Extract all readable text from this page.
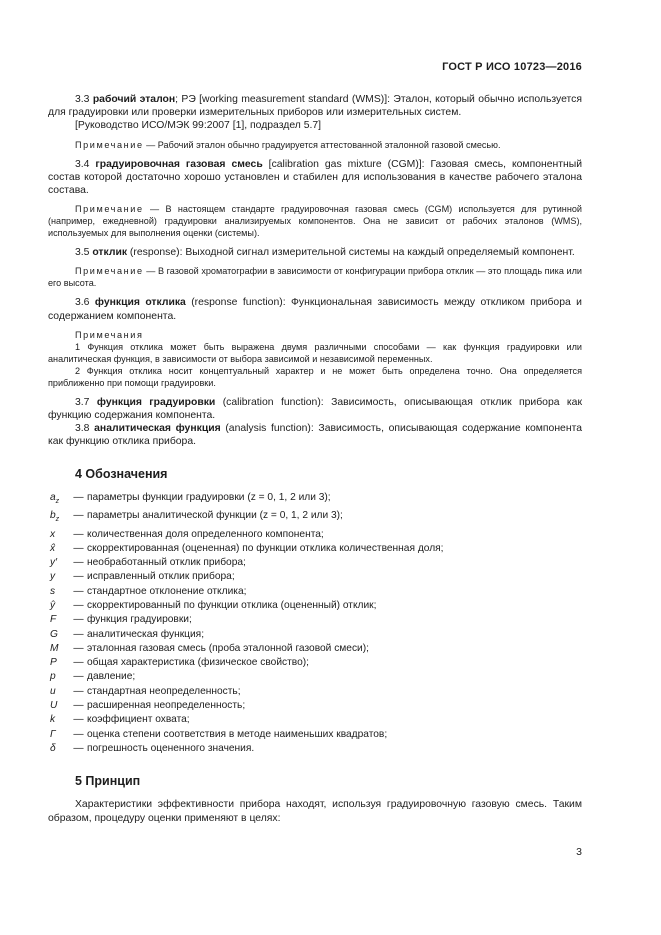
ГОСТ Р ИСО 10723—2016

3.3 рабочий эталон; РЭ [working measurement standard (WMS)]: Эталон, который обычно используется для градуировки или проверки измерительных приборов или измерительных систем.

[Руководство ИСО/МЭК 99:2007 [1], подраздел 5.7]

Примечание — Рабочий эталон обычно градуируется аттестованной эталонной газовой смесью.

3.4 градуировочная газовая смесь [calibration gas mixture (CGM)]: Газовая смесь, компонентный состав которой достаточно хорошо установлен и стабилен для использования в качестве рабочего эталона состава.

Примечание — В настоящем стандарте градуировочная газовая смесь (CGM) используется для рутинной (например, ежедневной) градуировки анализируемых компонентов. Она не зависит от рабочих эталонов (WMS), используемых для выполнения оценки (системы).

3.5 отклик (response): Выходной сигнал измерительной системы на каждый определяемый компонент.

Примечание — В газовой хроматографии в зависимости от конфигурации прибора отклик — это площадь пика или его высота.

3.6 функция отклика (response function): Функциональная зависимость между откликом прибора и содержанием компонента.

Примечания

1 Функция отклика может быть выражена двумя различными способами — как функция градуировки или аналитическая функция, в зависимости от выбора зависимой и независимой переменных.

2 Функция отклика носит концептуальный характер и не может быть определена точно. Она определяется приближенно при помощи градуировки.

3.7 функция градуировки (calibration function): Зависимость, описывающая отклик прибора как функцию содержания компонента.

3.8 аналитическая функция (analysis function): Зависимость, описывающая содержание компонента как функцию отклика прибора.

4 Обозначения
$a_z$	— параметры функции градуировки (z = 0, 1, 2 или 3);
$b_z$	— параметры аналитической функции (z = 0, 1, 2 или 3);
x	— количественная доля определенного компонента;
x̂	— скорректированная (оцененная) по функции отклика количественная доля;
y′	— необработанный отклик прибора;
y	— исправленный отклик прибора;
s	— стандартное отклонение отклика;
ŷ	— скорректированный по функции отклика (оцененный) отклик;
F	— функция градуировки;
G	— аналитическая функция;
M	— эталонная газовая смесь (проба эталонной газовой смеси);
P	— общая характеристика (физическое свойство);
p	— давление;
u	— стандартная неопределенность;
U	— расширенная неопределенность;
k	— коэффициент охвата;
Г	— оценка степени соответствия в методе наименьших квадратов;
δ	— погрешность оцененного значения.
5 Принцип

Характеристики эффективности прибора находят, используя градуировочную газовую смесь. Таким образом, процедуру оценки применяют в целях:

3
